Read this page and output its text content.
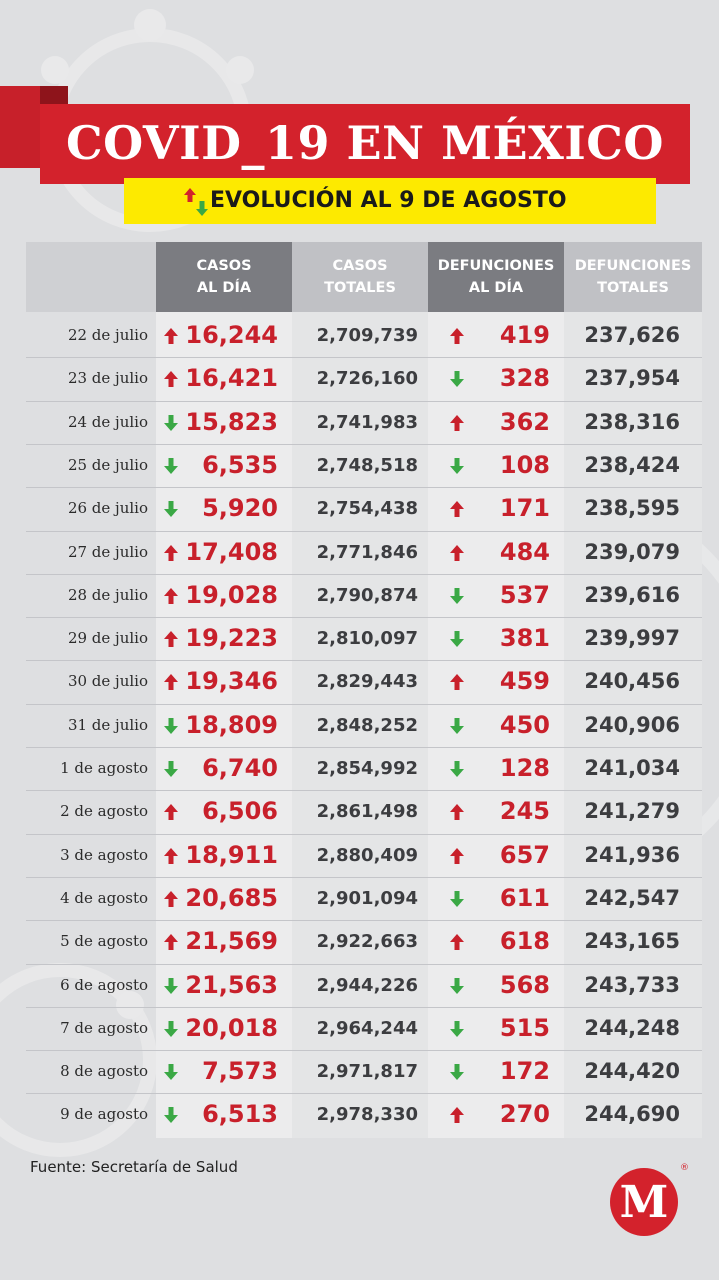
COVID_19 EN MÉXICO
EVOLUCIÓN AL 9 DE AGOSTO
CASOS
AL DÍA
CASOS
TOTALES
DEFUNCIONES
AL DÍA
DEFUNCIONES
TOTALES
22 de julio	16,244	2,709,739	419	237,626
23 de julio	16,421	2,726,160	328	237,954
24 de julio	15,823	2,741,983	362	238,316
25 de julio	6,535	2,748,518	108	238,424
26 de julio	5,920	2,754,438	171	238,595
27 de julio	17,408	2,771,846	484	239,079
28 de julio	19,028	2,790,874	537	239,616
29 de julio	19,223	2,810,097	381	239,997
30 de julio	19,346	2,829,443	459	240,456
31 de julio	18,809	2,848,252	450	240,906
1 de agosto	6,740	2,854,992	128	241,034
2 de agosto	6,506	2,861,498	245	241,279
3 de agosto	18,911	2,880,409	657	241,936
4 de agosto	20,685	2,901,094	611	242,547
5 de agosto	21,569	2,922,663	618	243,165
6 de agosto	21,563	2,944,226	568	243,733
7 de agosto	20,018	2,964,244	515	244,248
8 de agosto	7,573	2,971,817	172	244,420
9 de agosto	6,513	2,978,330	270	244,690
Fuente: Secretaría de Salud
M
®
